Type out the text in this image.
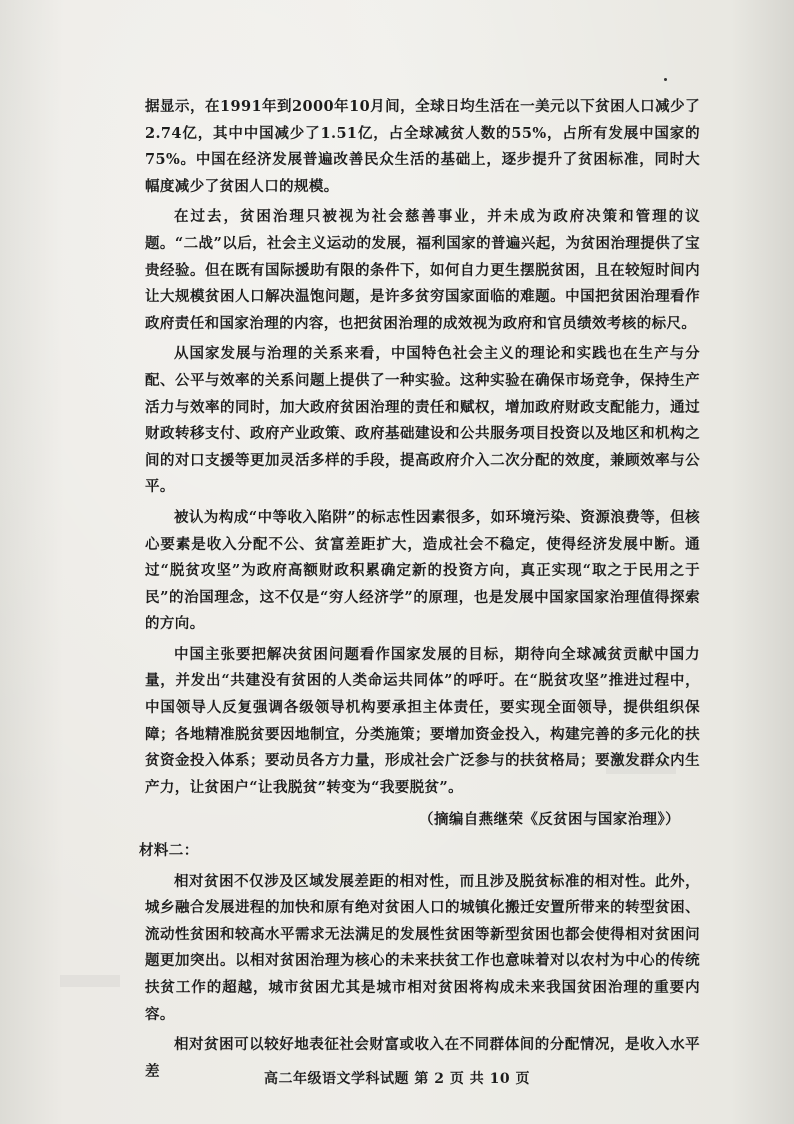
据显示，在1991年到2000年10月间，全球日均生活在一美元以下贫困人口减少了2.74亿，其中中国减少了1.51亿，占全球减贫人数的55%，占所有发展中国家的75%。中国在经济发展普遍改善民众生活的基础上，逐步提升了贫困标准，同时大幅度减少了贫困人口的规模。

在过去，贫困治理只被视为社会慈善事业，并未成为政府决策和管理的议题。“二战”以后，社会主义运动的发展，福利国家的普遍兴起，为贫困治理提供了宝贵经验。但在既有国际援助有限的条件下，如何自力更生摆脱贫困，且在较短时间内让大规模贫困人口解决温饱问题，是许多贫穷国家面临的难题。中国把贫困治理看作政府责任和国家治理的内容，也把贫困治理的成效视为政府和官员绩效考核的标尺。

从国家发展与治理的关系来看，中国特色社会主义的理论和实践也在生产与分配、公平与效率的关系问题上提供了一种实验。这种实验在确保市场竞争，保持生产活力与效率的同时，加大政府贫困治理的责任和赋权，增加政府财政支配能力，通过财政转移支付、政府产业政策、政府基础建设和公共服务项目投资以及地区和机构之间的对口支援等更加灵活多样的手段，提高政府介入二次分配的效度，兼顾效率与公平。

被认为构成“中等收入陷阱”的标志性因素很多，如环境污染、资源浪费等，但核心要素是收入分配不公、贫富差距扩大，造成社会不稳定，使得经济发展中断。通过“脱贫攻坚”为政府高额财政积累确定新的投资方向，真正实现“取之于民用之于民”的治国理念，这不仅是“穷人经济学”的原理，也是发展中国家国家治理值得探索的方向。

中国主张要把解决贫困问题看作国家发展的目标，期待向全球减贫贡献中国力量，并发出“共建没有贫困的人类命运共同体”的呼吁。在“脱贫攻坚”推进过程中，中国领导人反复强调各级领导机构要承担主体责任，要实现全面领导，提供组织保障；各地精准脱贫要因地制宜，分类施策；要增加资金投入，构建完善的多元化的扶贫资金投入体系；要动员各方力量，形成社会广泛参与的扶贫格局；要激发群众内生产力，让贫困户“让我脱贫”转变为“我要脱贫”。

（摘编自燕继荣《反贫困与国家治理》）

材料二：

相对贫困不仅涉及区域发展差距的相对性，而且涉及脱贫标准的相对性。此外，城乡融合发展进程的加快和原有绝对贫困人口的城镇化搬迁安置所带来的转型贫困、流动性贫困和较高水平需求无法满足的发展性贫困等新型贫困也都会使得相对贫困问题更加突出。以相对贫困治理为核心的未来扶贫工作也意味着对以农村为中心的传统扶贫工作的超越，城市贫困尤其是城市相对贫困将构成未来我国贫困治理的重要内容。

相对贫困可以较好地表征社会财富或收入在不同群体间的分配情况，是收入水平差	高二年级语文学科试题 第 2 页 共 10 页
